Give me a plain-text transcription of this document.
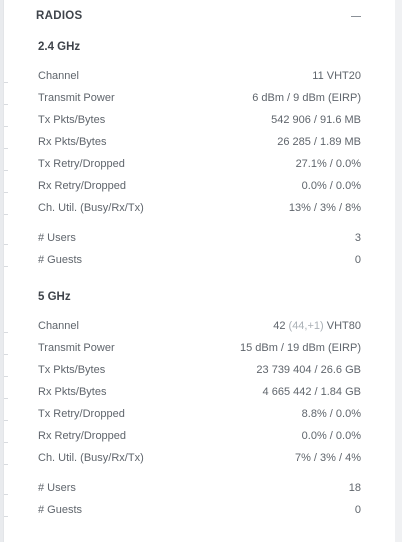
RADIOS
2.4 GHz
Channel	11 VHT20
Transmit Power	6 dBm / 9 dBm (EIRP)
Tx Pkts/Bytes	542 906 / 91.6 MB
Rx Pkts/Bytes	26 285 / 1.89 MB
Tx Retry/Dropped	27.1% / 0.0%
Rx Retry/Dropped	0.0% / 0.0%
Ch. Util. (Busy/Rx/Tx)	13% / 3% / 8%
# Users	3
# Guests	0
5 GHz
Channel	42 (44,+1) VHT80
Transmit Power	15 dBm / 19 dBm (EIRP)
Tx Pkts/Bytes	23 739 404 / 26.6 GB
Rx Pkts/Bytes	4 665 442 / 1.84 GB
Tx Retry/Dropped	8.8% / 0.0%
Rx Retry/Dropped	0.0% / 0.0%
Ch. Util. (Busy/Rx/Tx)	7% / 3% / 4%
# Users	18
# Guests	0
